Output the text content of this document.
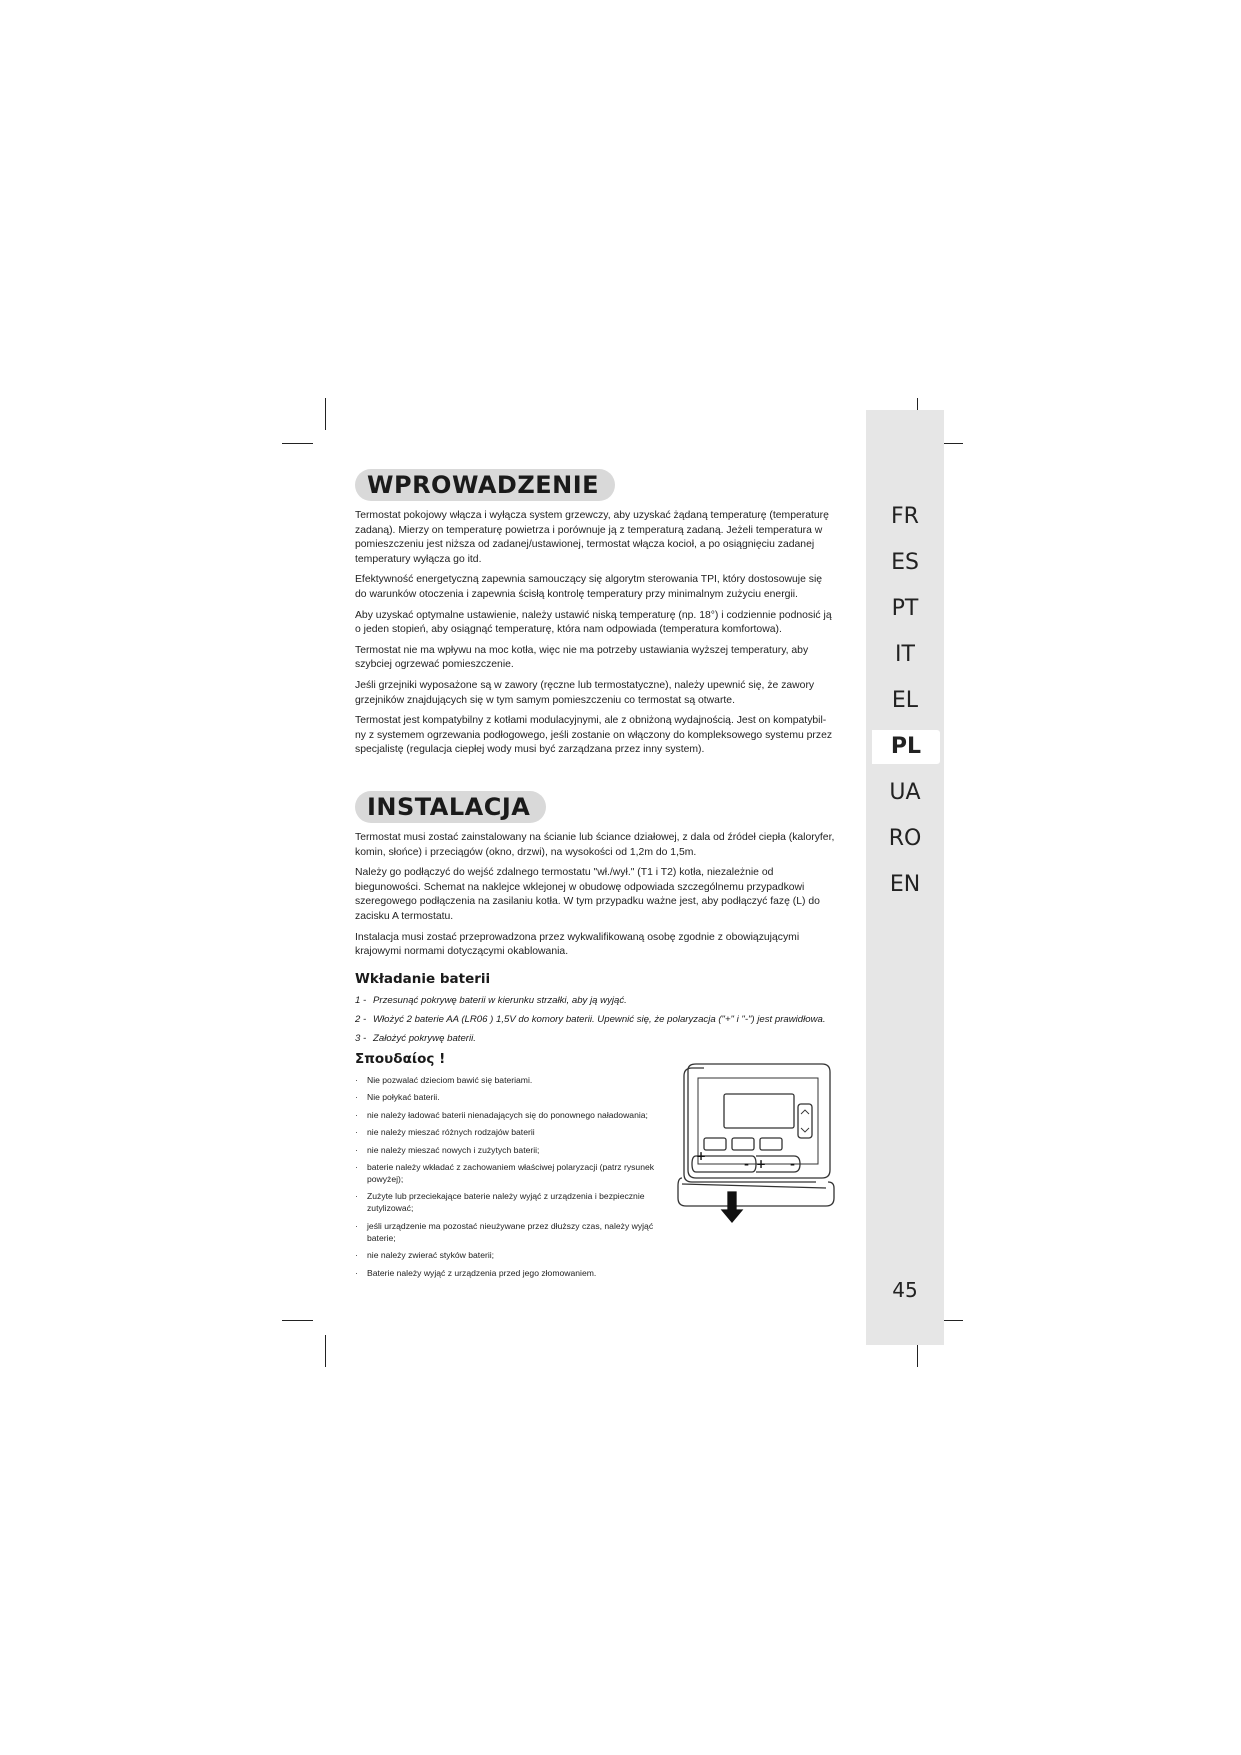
FR
ES
PT
IT
EL
PL
UA
RO
EN
45
WPROWADZENIE

Termostat pokojowy włącza i wyłącza system grzewczy, aby uzyskać żądaną temperaturę (temperaturę zadaną). Mierzy on temperaturę powietrza i porównuje ją z temperaturą zadaną. Jeżeli temperatura w pomieszczeniu jest niższa od zadanej/ustawionej, termostat włącza kocioł, a po osiągnięciu zadanej temperatury wyłącza go itd.

Efektywność energetyczną zapewnia samouczący się algorytm sterowania TPI, który dostosowuje się do warunków otoczenia i zapewnia ścisłą kontrolę temperatury przy minimalnym zużyciu energii.

Aby uzyskać optymalne ustawienie, należy ustawić niską temperaturę (np. 18°) i codziennie podnosić ją o jeden stopień, aby osiągnąć temperaturę, która nam odpowiada (temperatura komfortowa).

Termostat nie ma wpływu na moc kotła, więc nie ma potrzeby ustawiania wyższej temperatury, aby szybciej ogrzewać pomieszczenie.

Jeśli grzejniki wyposażone są w zawory (ręczne lub termostatyczne), należy upewnić się, że zawory grzejników znajdujących się w tym samym pomieszczeniu co termostat są otwarte.

Termostat jest kompatybilny z kotłami modulacyjnymi, ale z obniżoną wydajnością. Jest on kompatybil-ny z systemem ogrzewania podłogowego, jeśli zostanie on włączony do kompleksowego systemu przez specjalistę (regulacja ciepłej wody musi być zarządzana przez inny system).

INSTALACJA

Termostat musi zostać zainstalowany na ścianie lub ściance działowej, z dala od źródeł ciepła (kaloryfer, komin, słońce) i przeciągów (okno, drzwi), na wysokości od 1,2m do 1,5m.

Należy go podłączyć do wejść zdalnego termostatu "wł./wył." (T1 i T2) kotła, niezależnie od biegunowości. Schemat na naklejce wklejonej w obudowę odpowiada szczególnemu przypadkowi szeregowego podłączenia na zasilaniu kotła. W tym przypadku ważne jest, aby podłączyć fazę (L) do zacisku A termostatu.

Instalacja musi zostać przeprowadzona przez wykwalifikowaną osobę zgodnie z obowiązującymi krajowymi normami dotyczącymi okablowania.

Wkładanie baterii
1 - Przesunąć pokrywę baterii w kierunku strzałki, aby ją wyjąć.
2 - Włożyć 2 baterie AA (LR06 ) 1,5V do komory baterii. Upewnić się, że polaryzacja ("+" i "-") jest prawidłowa.
3 - Założyć pokrywę baterii.
Σπουδαίος !
· Nie pozwalać dzieciom bawić się bateriami.
· Nie połykać baterii.
· nie należy ładować baterii nienadających się do ponownego naładowania;
· nie należy mieszać różnych rodzajów baterii
· nie należy mieszać nowych i zużytych baterii;
· baterie należy wkładać z zachowaniem właściwej polaryzacji (patrz rysunek powyżej);
· Zużyte lub przeciekające baterie należy wyjąć z urządzenia i bezpiecznie zutylizować;
· jeśli urządzenie ma pozostać nieużywane przez dłuższy czas, należy wyjąć baterie;
· nie należy zwierać styków baterii;
· Baterie należy wyjąć z urządzenia przed jego złomowaniem.
+
- + -
